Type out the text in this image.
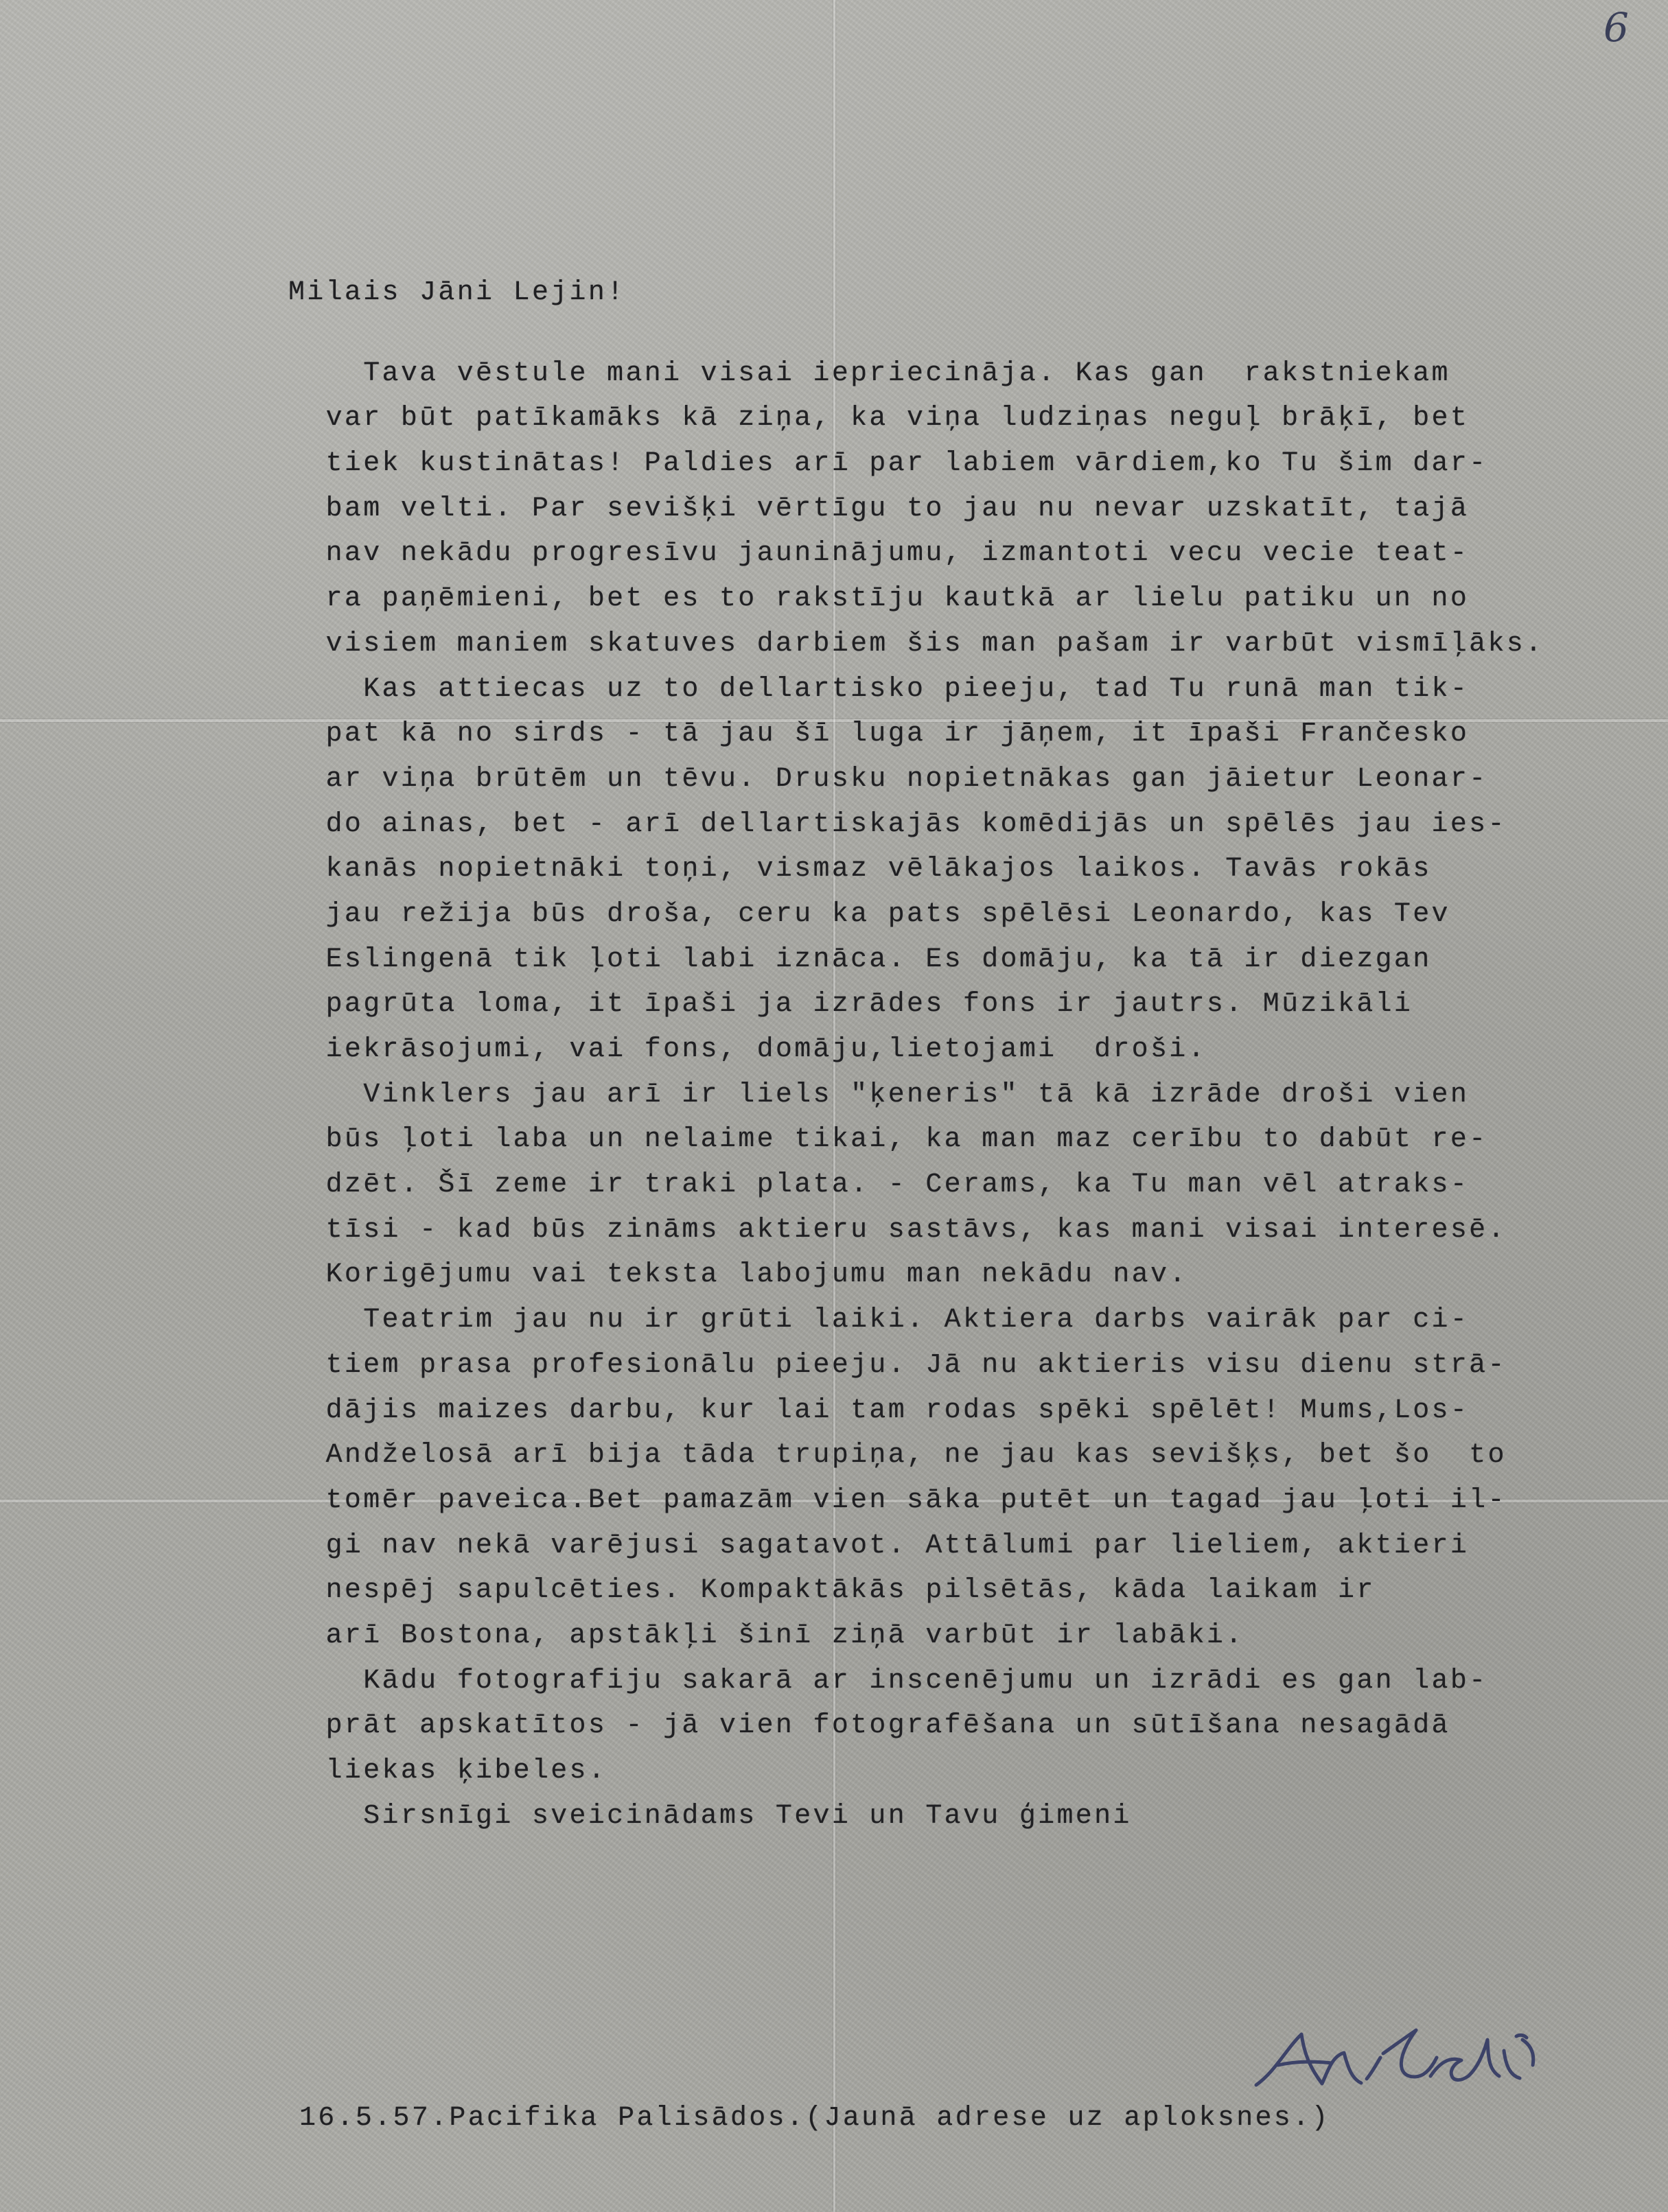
6
Milais Jāni Lejin!
Tava vēstule mani visai iepriecināja. Kas gan  rakstniekam
var būt patīkamāks kā ziņa, ka viņa ludziņas neguļ brāķī, bet
tiek kustinātas! Paldies arī par labiem vārdiem,ko Tu šim dar-
bam velti. Par sevišķi vērtīgu to jau nu nevar uzskatīt, tajā
nav nekādu progresīvu jauninājumu, izmantoti vecu vecie teat-
ra paņēmieni, bet es to rakstīju kautkā ar lielu patiku un no
visiem maniem skatuves darbiem šis man pašam ir varbūt vismīļāks.
Kas attiecas uz to dellartisko pieeju, tad Tu runā man tik-
pat kā no sirds - tā jau šī luga ir jāņem, it īpaši Frančesko
ar viņa brūtēm un tēvu. Drusku nopietnākas gan jāietur Leonar-
do ainas, bet - arī dellartiskajās komēdijās un spēlēs jau ies-
kanās nopietnāki toņi, vismaz vēlākajos laikos. Tavās rokās
jau režija būs droša, ceru ka pats spēlēsi Leonardo, kas Tev
Eslingenā tik ļoti labi iznāca. Es domāju, ka tā ir diezgan
pagrūta loma, it īpaši ja izrādes fons ir jautrs. Mūzikāli
iekrāsojumi, vai fons, domāju,lietojami  droši.
Vinklers jau arī ir liels "ķeneris" tā kā izrāde droši vien
būs ļoti laba un nelaime tikai, ka man maz cerību to dabūt re-
dzēt. Šī zeme ir traki plata. - Cerams, ka Tu man vēl atraks-
tīsi - kad būs zināms aktieru sastāvs, kas mani visai interesē.
Korigējumu vai teksta labojumu man nekādu nav.
Teatrim jau nu ir grūti laiki. Aktiera darbs vairāk par ci-
tiem prasa profesionālu pieeju. Jā nu aktieris visu dienu strā-
dājis maizes darbu, kur lai tam rodas spēki spēlēt! Mums,Los-
Andželosā arī bija tāda trupiņa, ne jau kas sevišķs, bet šo  to
tomēr paveica.Bet pamazām vien sāka putēt un tagad jau ļoti il-
gi nav nekā varējusi sagatavot. Attālumi par lieliem, aktieri
nespēj sapulcēties. Kompaktākās pilsētās, kāda laikam ir
arī Bostona, apstākļi šinī ziņā varbūt ir labāki.
Kādu fotografiju sakarā ar inscenējumu un izrādi es gan lab-
prāt apskatītos - jā vien fotografēšana un sūtīšana nesagādā
liekas ķibeles.
Sirsnīgi sveicinādams Tevi un Tavu ģimeni
16.5.57.Pacifika Palisādos.(Jaunā adrese uz aploksnes.)
